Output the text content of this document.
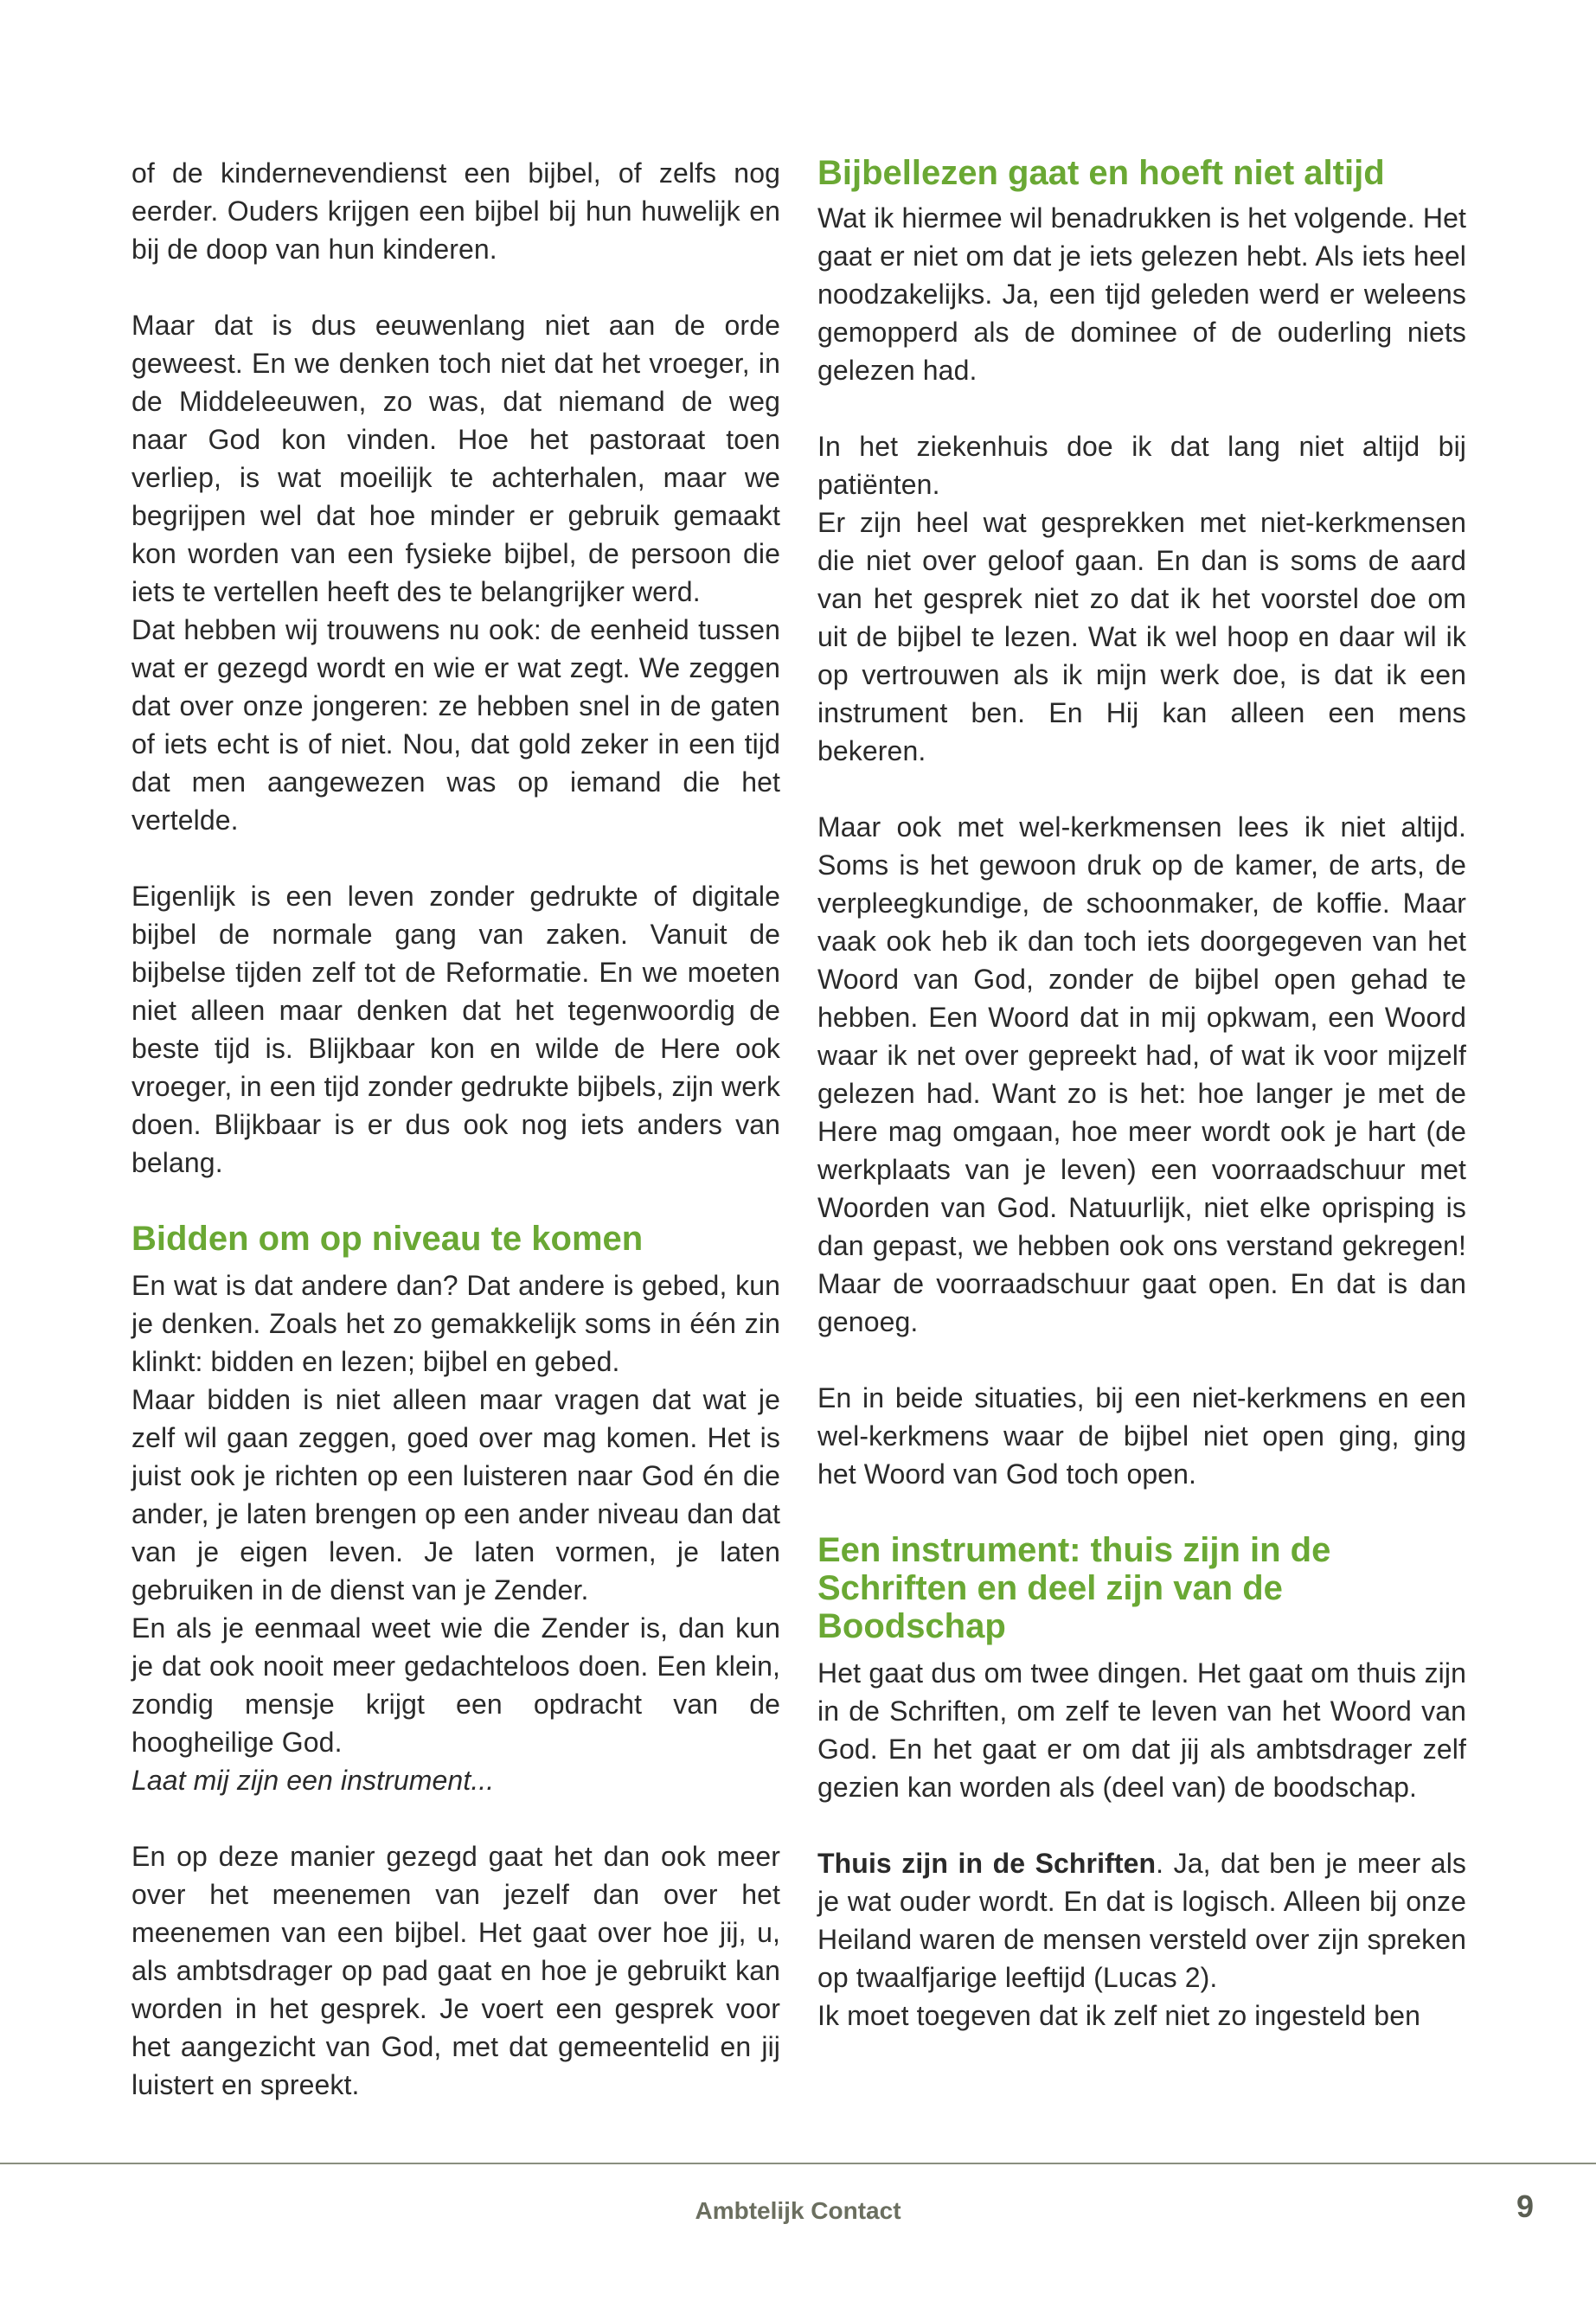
of de kindernevendienst een bijbel, of zelfs nog eerder. Ouders krijgen een bijbel bij hun huwelijk en bij de doop van hun kinderen.

Maar dat is dus eeuwenlang niet aan de orde geweest. En we denken toch niet dat het vroeger, in de Middeleeuwen, zo was, dat niemand de weg naar God kon vinden. Hoe het pastoraat toen verliep, is wat moeilijk te achterhalen, maar we begrijpen wel dat hoe minder er gebruik gemaakt kon worden van een fysieke bijbel, de persoon die iets te vertellen heeft des te belangrijker werd.

Dat hebben wij trouwens nu ook: de eenheid tussen wat er gezegd wordt en wie er wat zegt. We zeggen dat over onze jongeren: ze hebben snel in de gaten of iets echt is of niet. Nou, dat gold zeker in een tijd dat men aangewezen was op iemand die het vertelde.

Eigenlijk is een leven zonder gedrukte of digitale bijbel de normale gang van zaken. Vanuit de bijbelse tijden zelf tot de Reformatie. En we moeten niet alleen maar denken dat het tegenwoordig de beste tijd is. Blijkbaar kon en wilde de Here ook vroeger, in een tijd zonder gedrukte bijbels, zijn werk doen. Blijkbaar is er dus ook nog iets anders van belang.

Bidden om op niveau te komen

En wat is dat andere dan? Dat andere is gebed, kun je denken. Zoals het zo gemakkelijk soms in één zin klinkt: bidden en lezen; bijbel en gebed.

Maar bidden is niet alleen maar vragen dat wat je zelf wil gaan zeggen, goed over mag komen. Het is juist ook je richten op een luisteren naar God én die ander, je laten brengen op een ander niveau dan dat van je eigen leven. Je laten vormen, je laten gebruiken in de dienst van je Zender.

En als je eenmaal weet wie die Zender is, dan kun je dat ook nooit meer gedachteloos doen. Een klein, zondig mensje krijgt een opdracht van de hoogheilige God.

Laat mij zijn een instrument...

En op deze manier gezegd gaat het dan ook meer over het meenemen van jezelf dan over het meenemen van een bijbel. Het gaat over hoe jij, u, als ambtsdrager op pad gaat en hoe je gebruikt kan worden in het gesprek. Je voert een gesprek voor het aangezicht van God, met dat gemeentelid en jij luistert en spreekt.

Bijbellezen gaat en hoeft niet altijd

Wat ik hiermee wil benadrukken is het volgende. Het gaat er niet om dat je iets gelezen hebt. Als iets heel noodzakelijks. Ja, een tijd geleden werd er weleens gemopperd als de dominee of de ouderling niets gelezen had.

In het ziekenhuis doe ik dat lang niet altijd bij patiënten.

Er zijn heel wat gesprekken met niet-kerkmensen die niet over geloof gaan. En dan is soms de aard van het gesprek niet zo dat ik het voorstel doe om uit de bijbel te lezen. Wat ik wel hoop en daar wil ik op vertrouwen als ik mijn werk doe, is dat ik een instrument ben. En Hij kan alleen een mens bekeren.

Maar ook met wel-kerkmensen lees ik niet altijd. Soms is het gewoon druk op de kamer, de arts, de verpleegkundige, de schoonmaker, de koffie. Maar vaak ook heb ik dan toch iets doorgegeven van het Woord van God, zonder de bijbel open gehad te hebben. Een Woord dat in mij opkwam, een Woord waar ik net over gepreekt had, of wat ik voor mijzelf gelezen had. Want zo is het: hoe langer je met de Here mag omgaan, hoe meer wordt ook je hart (de werkplaats van je leven) een voorraadschuur met Woorden van God. Natuurlijk, niet elke oprisping is dan gepast, we hebben ook ons verstand gekregen! Maar de voorraadschuur gaat open. En dat is dan genoeg.

En in beide situaties, bij een niet-kerkmens en een wel-kerkmens waar de bijbel niet open ging, ging het Woord van God toch open.

Een instrument: thuis zijn in de Schriften en deel zijn van de Boodschap

Het gaat dus om twee dingen. Het gaat om thuis zijn in de Schriften, om zelf te leven van het Woord van God. En het gaat er om dat jij als ambtsdrager zelf gezien kan worden als (deel van) de boodschap.

Thuis zijn in de Schriften. Ja, dat ben je meer als je wat ouder wordt. En dat is logisch. Alleen bij onze Heiland waren de mensen versteld over zijn spreken op twaalfjarige leeftijd (Lucas 2).

Ik moet toegeven dat ik zelf niet zo ingesteld ben

Ambtelijk Contact	9
